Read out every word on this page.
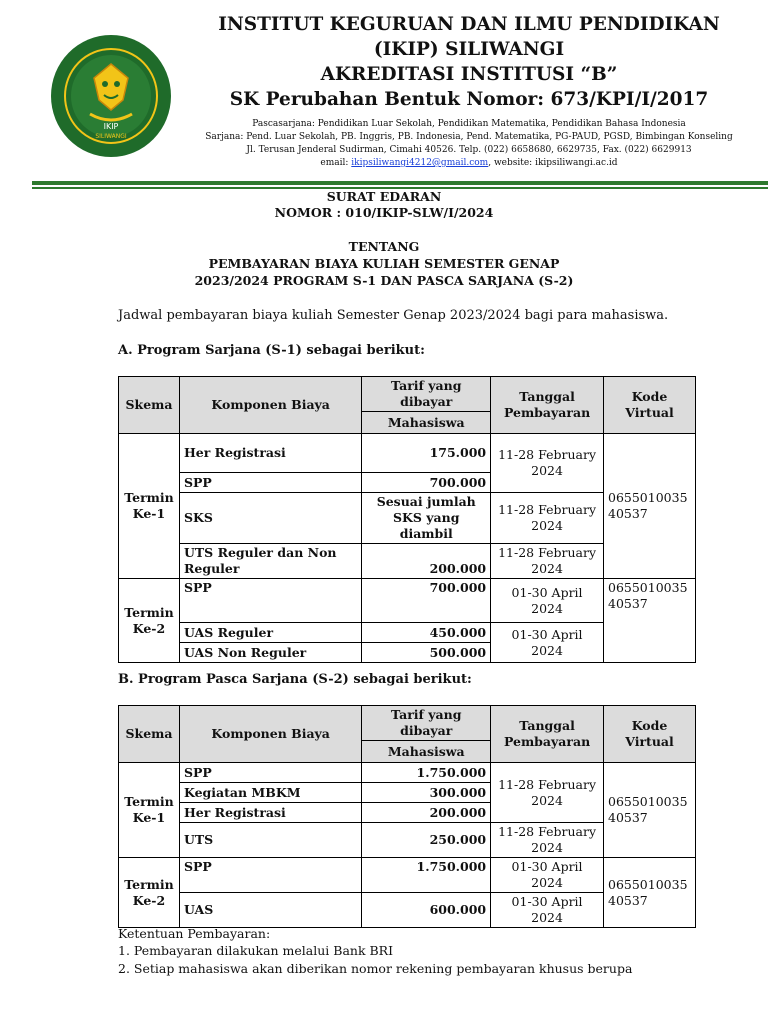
IKIP
SILIWANGI
INSTITUT KEGURUAN DAN ILMU PENDIDIKAN
(IKIP) SILIWANGI
AKREDITASI INSTITUSI “B”
SK Perubahan Bentuk Nomor: 673/KPI/I/2017
Pascasarjana: Pendidikan Luar Sekolah, Pendidikan Matematika, Pendidikan Bahasa Indonesia
Sarjana: Pend. Luar Sekolah, PB. Inggris, PB. Indonesia, Pend. Matematika, PG-PAUD, PGSD, Bimbingan Konseling
Jl. Terusan Jenderal Sudirman, Cimahi 40526. Telp. (022) 6658680, 6629735, Fax. (022) 6629913
email: ikipsiliwangi4212@gmail.com, website: ikipsiliwangi.ac.id
SURAT EDARAN
NOMOR : 010/IKIP-SLW/I/2024
TENTANG
PEMBAYARAN BIAYA KULIAH SEMESTER GENAP
2023/2024 PROGRAM S-1 DAN PASCA SARJANA (S-2)
Jadwal pembayaran biaya kuliah Semester Genap 2023/2024 bagi para mahasiswa.
A. Program Sarjana (S-1) sebagai berikut:
Skema	Komponen Biaya	Tarif yang dibayar	Tanggal Pembayaran	Kode Virtual
		Mahasiswa		
Termin Ke-1	Her Registrasi	175.000	11-28 February 2024	0655010035 40537
	SPP	700.000		
	SKS	Sesuai jumlah SKS yang diambil	11-28 February 2024	
	UTS Reguler dan Non Reguler	200.000	11-28 February 2024	
Termin Ke-2	SPP	700.000	01-30 April 2024	0655010035 40537
	UAS Reguler	450.000	01-30 April 2024	
	UAS Non Reguler	500.000		
B. Program Pasca Sarjana (S-2) sebagai berikut:
Skema	Komponen Biaya	Tarif yang dibayar	Tanggal Pembayaran	Kode Virtual
		Mahasiswa		
Termin Ke-1	SPP	1.750.000	11-28 February 2024	0655010035 40537
	Kegiatan MBKM	300.000		
	Her Registrasi	200.000		
	UTS	250.000	11-28 February 2024	
Termin Ke-2	SPP	1.750.000	01-30 April 2024	0655010035 40537
	UAS	600.000	01-30 April 2024	
Ketentuan Pembayaran:
1. Pembayaran dilakukan melalui Bank BRI
2. Setiap mahasiswa akan diberikan nomor rekening pembayaran khusus berupa
